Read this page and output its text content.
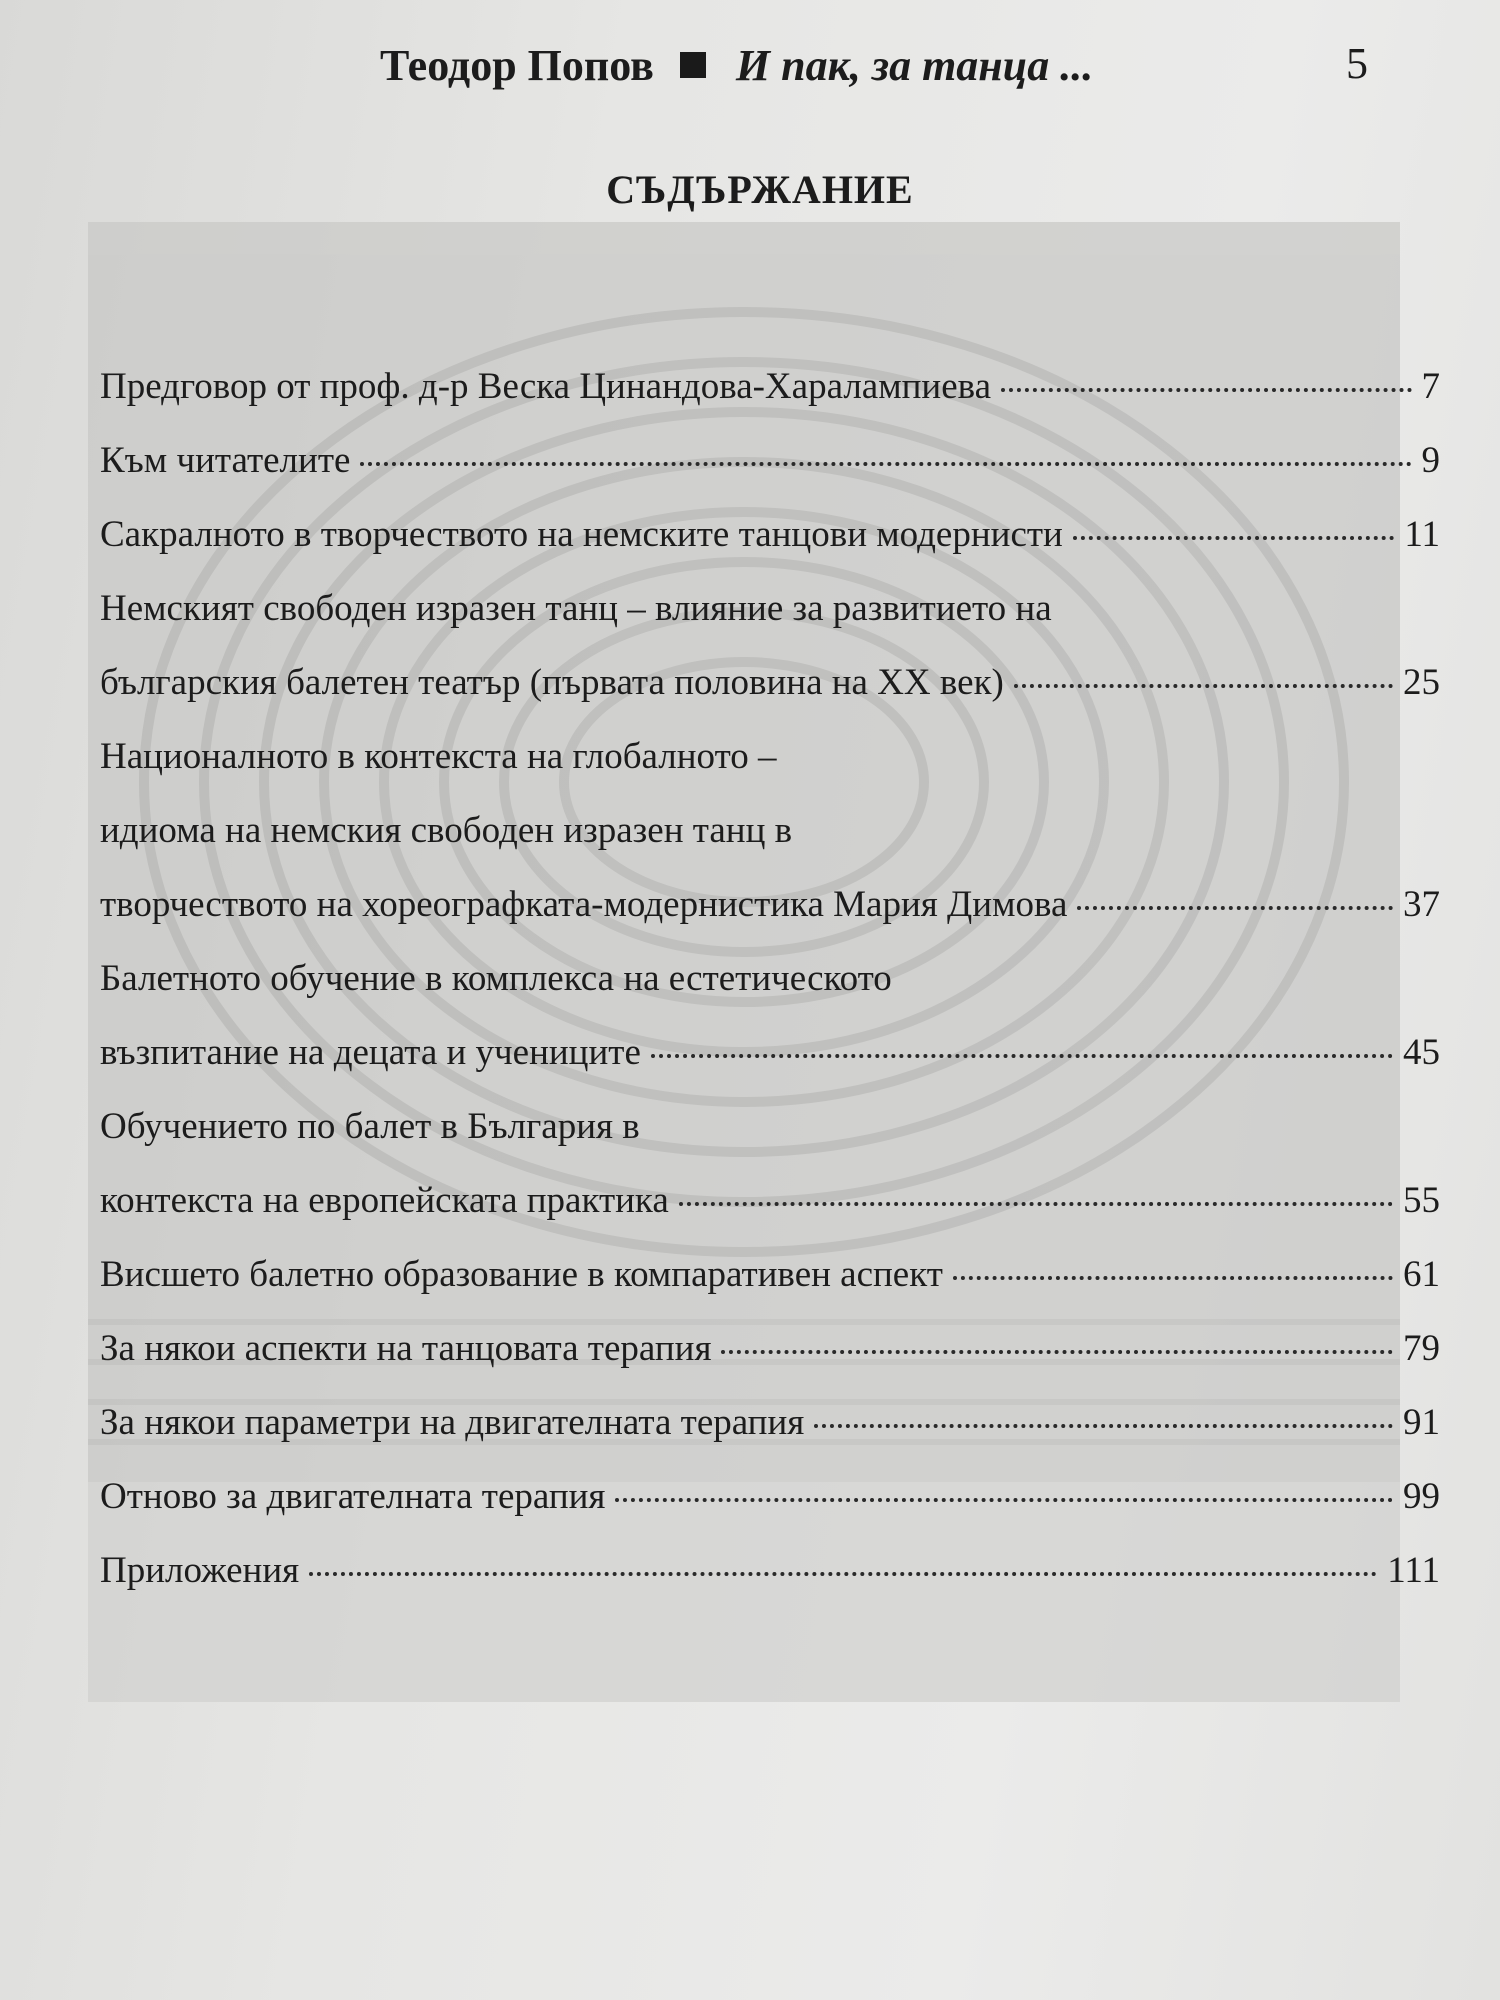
Теодор Попов И пак, за танца ...	5
СЪДЪРЖАНИЕ
Предговор от проф. д-р Веска Цинандова-Харалампиева	7
Към читателите	9
Сакралното в творчеството на немските танцови модернисти	11
Немският свободен изразен танц – влияние за развитието на
българския балетен театър (първата половина на ХХ век)	25
Националното в контекста на глобалното –
идиома на немския свободен изразен танц в
творчеството на хореографката-модернистика Мария Димова	37
Балетното обучение в комплекса на естетическото
възпитание на децата и учениците	45
Обучението по балет в България в
контекста на европейската практика	55
Висшето балетно образование в компаративен аспект	61
За някои аспекти на танцовата терапия	79
За някои параметри на двигателната терапия	91
Отново за двигателната терапия	99
Приложения	111
